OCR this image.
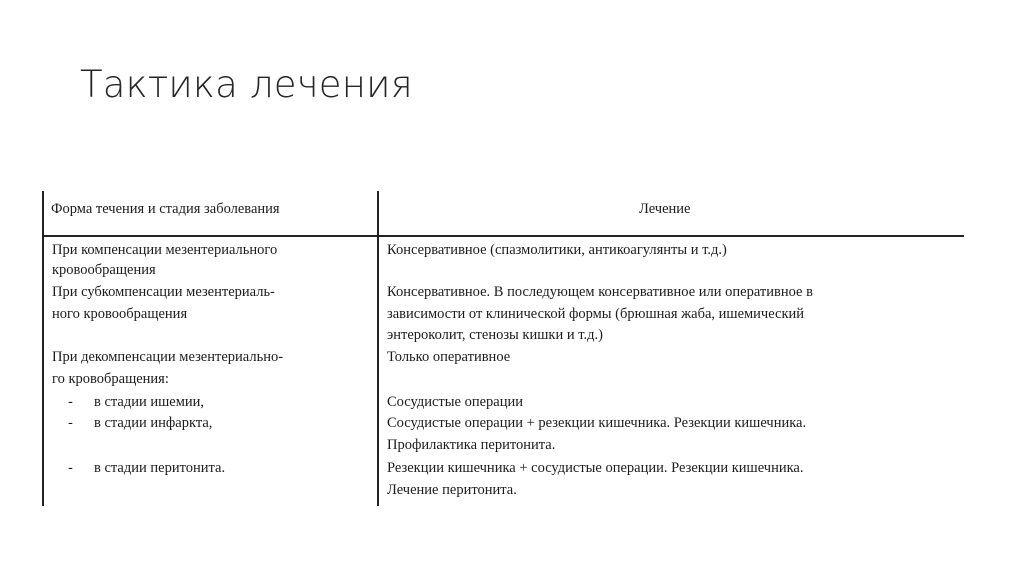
Тактика лечения
Форма течения и стадия заболевания	Лечение
При компенсации мезентериального
кровообращения
При субкомпенсации мезентериаль-
ного кровообращения
При декомпенсации мезентериально-
го кровобращения:
- в стадии ишемии,
- в стадии инфаркта,
- в стадии перитонита.
Консервативное (спазмолитики, антикоагулянты и т.д.)
Консервативное. В последующем консервативное или оперативное в
зависимости от клинической формы (брюшная жаба, ишемический
энтероколит, стенозы кишки и т.д.)
Только оперативное
Сосудистые операции
Сосудистые операции + резекции кишечника. Резекции кишечника.
Профилактика перитонита.
Резекции кишечника + сосудистые операции. Резекции кишечника.
Лечение перитонита.
